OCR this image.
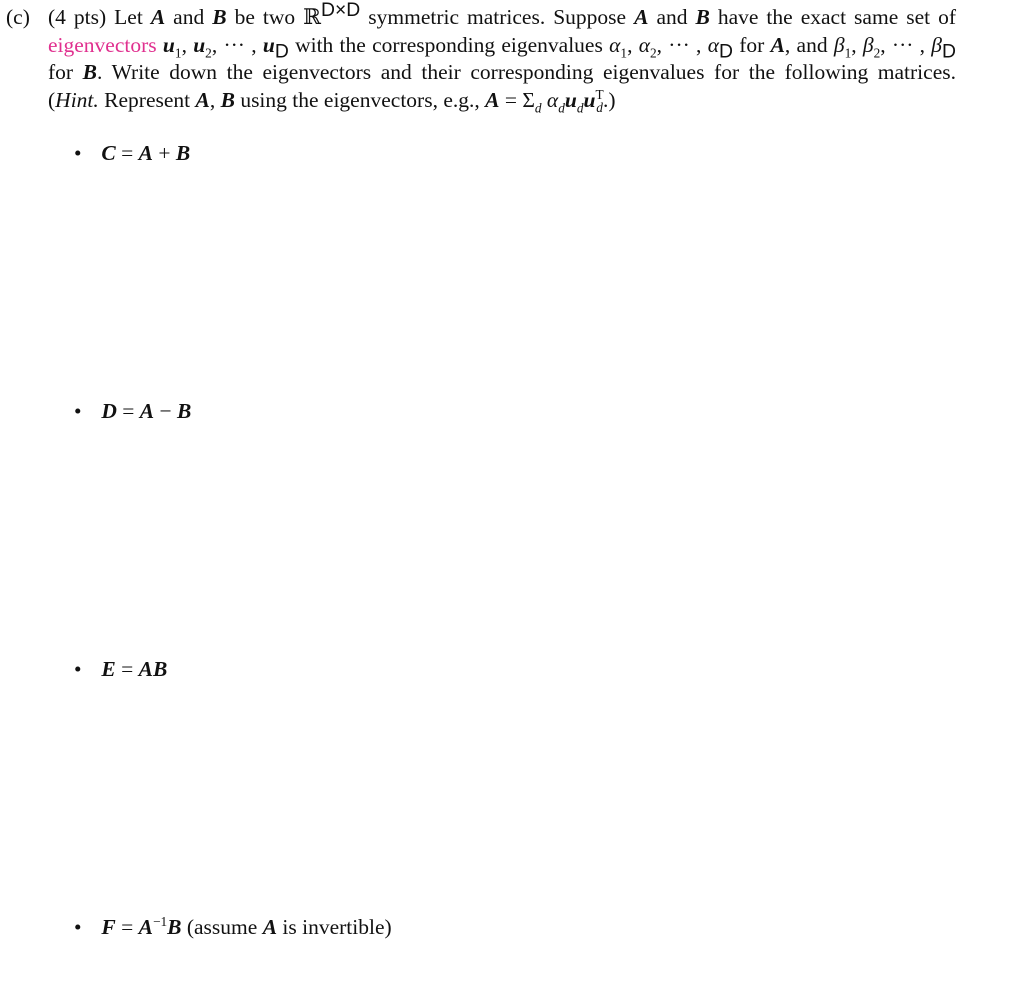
(c) (4 pts) Let A and B be two ℝ$^{D\times D}$ symmetric matrices. Suppose A and B have the exact same set of eigenvectors $u_1$, $u_2$, ··· , $u_D$ with the corresponding eigenvalues $\alpha_1$, $\alpha_2$, ··· , $\alpha_D$ for A, and $\beta_1$, $\beta_2$, ··· , $\beta_D$ for B. Write down the eigenvectors and their corresponding eigenvalues for the following matrices. (Hint. Represent A, B using the eigenvectors, e.g., $A = \Sigma_d$ $\alpha_du_du^T_d$.)
• C = A + B
• D = A − B
• E = AB
• $F = A^{-1}B$ (assume A is invertible)
